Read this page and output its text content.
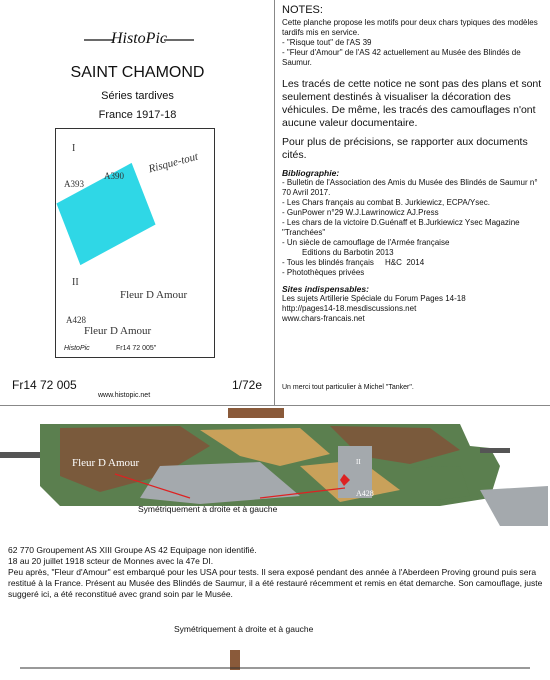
HistoPic
SAINT CHAMOND
Séries tardives
France 1917-18
I
II
A393
A428
A390
Risque-tout
Fleur D Amour
Fleur D Amour
HistoPic	Fr14 72 005"
Fr14 72 005	1/72e
www.histopic.net
NOTES:
Cette planche propose les motifs pour deux chars typiques des modèles tardifs mis en service.
- "Risque tout" de l'AS 39
- "Fleur d'Amour" de l'AS 42 actuellement au Musée des Blindés de Saumur.
Les tracés de cette notice ne sont pas des plans et sont seulement destinés à visualiser la décoration des véhicules. De même, les tracés des camouflages n'ont aucune valeur documentaire.
Pour plus de précisions, se rapporter aux documents cités.
Bibliographie:
- Bulletin de l'Association des Amis du Musée des Blindés de Saumur n° 70 Avril 2017.
- Les Chars français au combat B. Jurkiewicz, ECPA/Ysec.
- GunPower n°29 W.J.Lawrinowicz AJ.Press
- Les chars de la victoire D.Guénaff et B.Jurkiewicz Ysec Magazine "Tranchées"
- Un siècle de camouflage de l'Armée française
Editions du Barbotin 2013
- Tous les blindés français     H&C  2014
- Photothèques privées
Sites indispensables:
Les sujets Artillerie Spéciale du Forum Pages 14-18
http://pages14-18.mesdiscussions.net
www.chars-francais.net
Un merci tout particulier à Michel "Tanker".
Fleur D Amour	II
A428
Symétriquement à droite et à gauche
62 770 Groupement AS XIII Groupe AS 42 Equipage non identifié.
18 au 20 juillet 1918 scteur de Monnes avec la 47e DI.
Peu après, "Fleur d'Amour" est embarqué pour les USA pour tests. Il sera exposé pendant des année à l'Aberdeen Proving ground puis sera restitué à la France. Présent au Musée des Blindés de Saumur, il a été restauré récemment et remis en état demarche. Son camouflage, juste suggeré ici, a été reconstitué avec grand soin par le Musée.
Symétriquement à droite et à gauche
